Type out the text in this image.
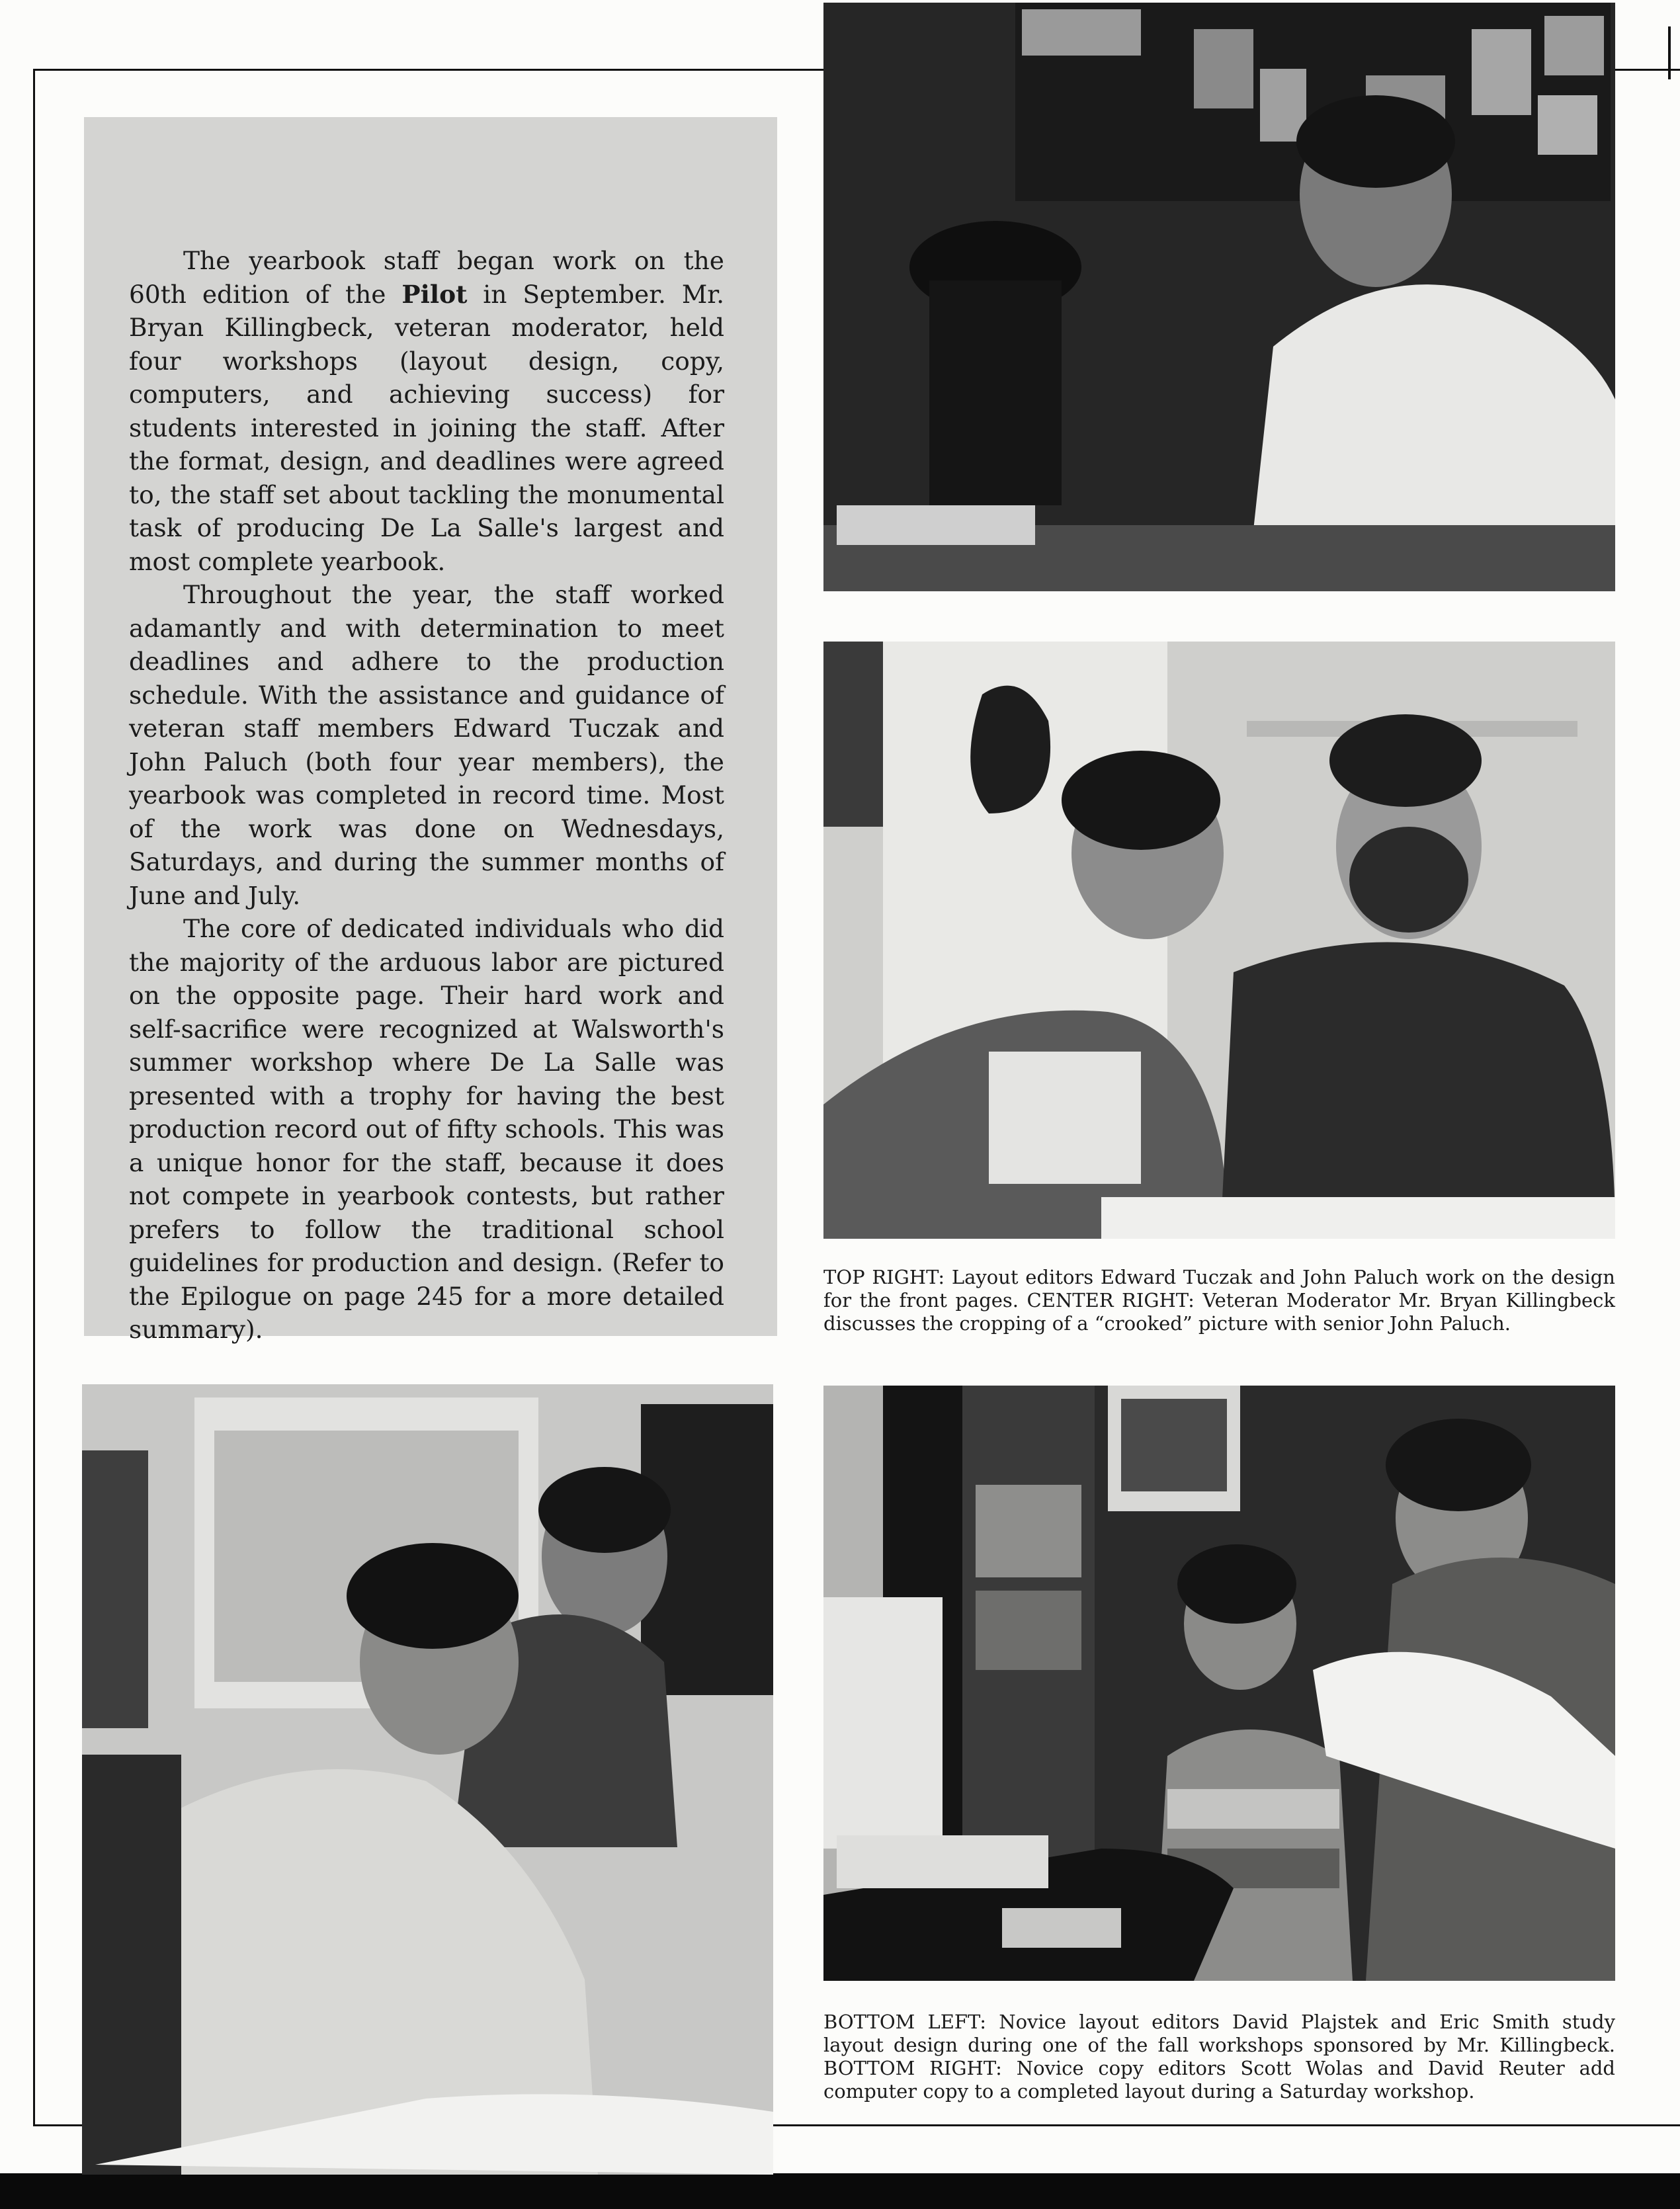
The yearbook staff began work on the 60th edition of the Pilot in September. Mr. Bryan Killingbeck, veteran moderator, held four workshops (layout design, copy, computers, and achieving success) for students interested in joining the staff. After the format, design, and deadlines were agreed to, the staff set about tackling the monumental task of producing De La Salle's largest and most complete yearbook.

Throughout the year, the staff worked adamantly and with determination to meet deadlines and adhere to the production schedule. With the assistance and guidance of veteran staff members Edward Tuczak and John Paluch (both four year members), the yearbook was completed in record time. Most of the work was done on Wednesdays, Saturdays, and during the summer months of June and July.

The core of dedicated individuals who did the majority of the arduous labor are pictured on the opposite page. Their hard work and self-sacrifice were recognized at Walsworth's summer workshop where De La Salle was presented with a trophy for having the best production record out of fifty schools. This was a unique honor for the staff, because it does not compete in yearbook contests, but rather prefers to follow the traditional school guidelines for production and design. (Refer to the Epilogue on page 245 for a more detailed summary).

TOP RIGHT: Layout editors Edward Tuczak and John Paluch work on the design for the front pages. CENTER RIGHT: Veteran Moderator Mr. Bryan Killingbeck discusses the cropping of a “crooked” picture with senior John Paluch.
BOTTOM LEFT: Novice layout editors David Plajstek and Eric Smith study layout design during one of the fall workshops sponsored by Mr. Killingbeck. BOTTOM RIGHT: Novice copy editors Scott Wolas and David Reuter add computer copy to a completed layout during a Saturday workshop.
